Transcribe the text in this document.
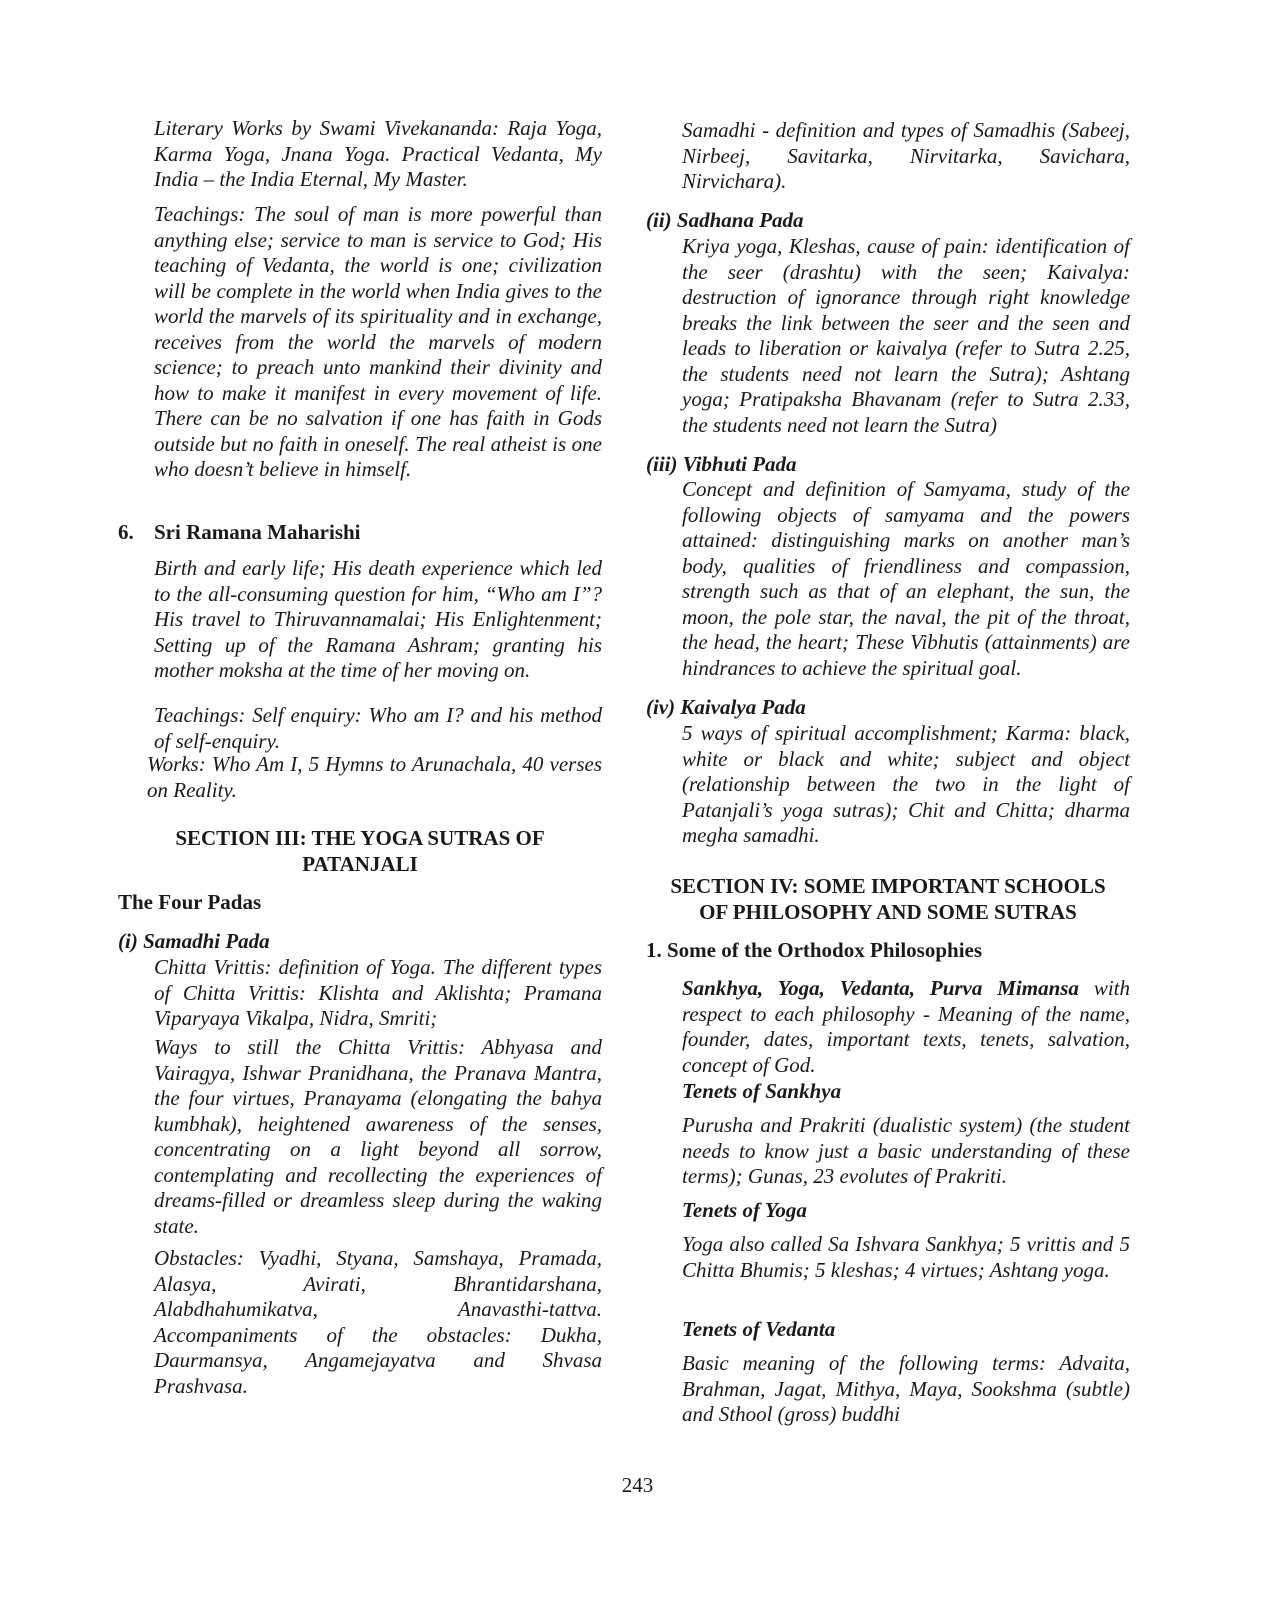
Literary Works by Swami Vivekananda: Raja Yoga, Karma Yoga, Jnana Yoga. Practical Vedanta, My India – the India Eternal, My Master.

Teachings: The soul of man is more powerful than anything else; service to man is service to God; His teaching of Vedanta, the world is one; civilization will be complete in the world when India gives to the world the marvels of its spirituality and in exchange, receives from the world the marvels of modern science; to preach unto mankind their divinity and how to make it manifest in every movement of life. There can be no salvation if one has faith in Gods outside but no faith in oneself. The real atheist is one who doesn’t believe in himself.

6. Sri Ramana Maharishi

Birth and early life; His death experience which led to the all-consuming question for him, “Who am I”? His travel to Thiruvannamalai; His Enlightenment; Setting up of the Ramana Ashram; granting his mother moksha at the time of her moving on.

Teachings: Self enquiry: Who am I? and his method of self-enquiry.

Works: Who Am I, 5 Hymns to Arunachala, 40 verses on Reality.

SECTION III: THE YOGA SUTRAS OF

PATANJALI

The Four Padas

(i) Samadhi Pada

Chitta Vrittis: definition of Yoga. The different types of Chitta Vrittis: Klishta and Aklishta; Pramana Viparyaya Vikalpa, Nidra, Smriti;

Ways to still the Chitta Vrittis: Abhyasa and Vairagya, Ishwar Pranidhana, the Pranava Mantra, the four virtues, Pranayama (elongating the bahya kumbhak), heightened awareness of the senses, concentrating on a light beyond all sorrow, contemplating and recollecting the experiences of dreams-filled or dreamless sleep during the waking state.

Obstacles: Vyadhi, Styana, Samshaya, Pramada, Alasya, Avirati, Bhrantidarshana, Alabdhahumikatva, Anavasthi-tattva. Accompaniments of the obstacles: Dukha, Daurmansya, Angamejayatva and Shvasa Prashvasa.

Samadhi - definition and types of Samadhis (Sabeej, Nirbeej, Savitarka, Nirvitarka, Savichara, Nirvichara).

(ii) Sadhana Pada

Kriya yoga, Kleshas, cause of pain: identification of the seer (drashtu) with the seen; Kaivalya: destruction of ignorance through right knowledge breaks the link between the seer and the seen and leads to liberation or kaivalya (refer to Sutra 2.25, the students need not learn the Sutra); Ashtang yoga; Pratipaksha Bhavanam (refer to Sutra 2.33, the students need not learn the Sutra)

(iii) Vibhuti Pada

Concept and definition of Samyama, study of the following objects of samyama and the powers attained: distinguishing marks on another man’s body, qualities of friendliness and compassion, strength such as that of an elephant, the sun, the moon, the pole star, the naval, the pit of the throat, the head, the heart; These Vibhutis (attainments) are hindrances to achieve the spiritual goal.

(iv) Kaivalya Pada

5 ways of spiritual accomplishment; Karma: black, white or black and white; subject and object (relationship between the two in the light of Patanjali’s yoga sutras); Chit and Chitta; dharma megha samadhi.

SECTION IV: SOME IMPORTANT SCHOOLS

OF PHILOSOPHY AND SOME SUTRAS

1. Some of the Orthodox Philosophies

Sankhya, Yoga, Vedanta, Purva Mimansa with respect to each philosophy - Meaning of the name, founder, dates, important texts, tenets, salvation, concept of God.

Tenets of Sankhya

Purusha and Prakriti (dualistic system) (the student needs to know just a basic understanding of these terms); Gunas, 23 evolutes of Prakriti.

Tenets of Yoga

Yoga also called Sa Ishvara Sankhya; 5 vrittis and 5 Chitta Bhumis; 5 kleshas; 4 virtues; Ashtang yoga.

Tenets of Vedanta

Basic meaning of the following terms: Advaita, Brahman, Jagat, Mithya, Maya, Sookshma (subtle) and Sthool (gross) buddhi

243
